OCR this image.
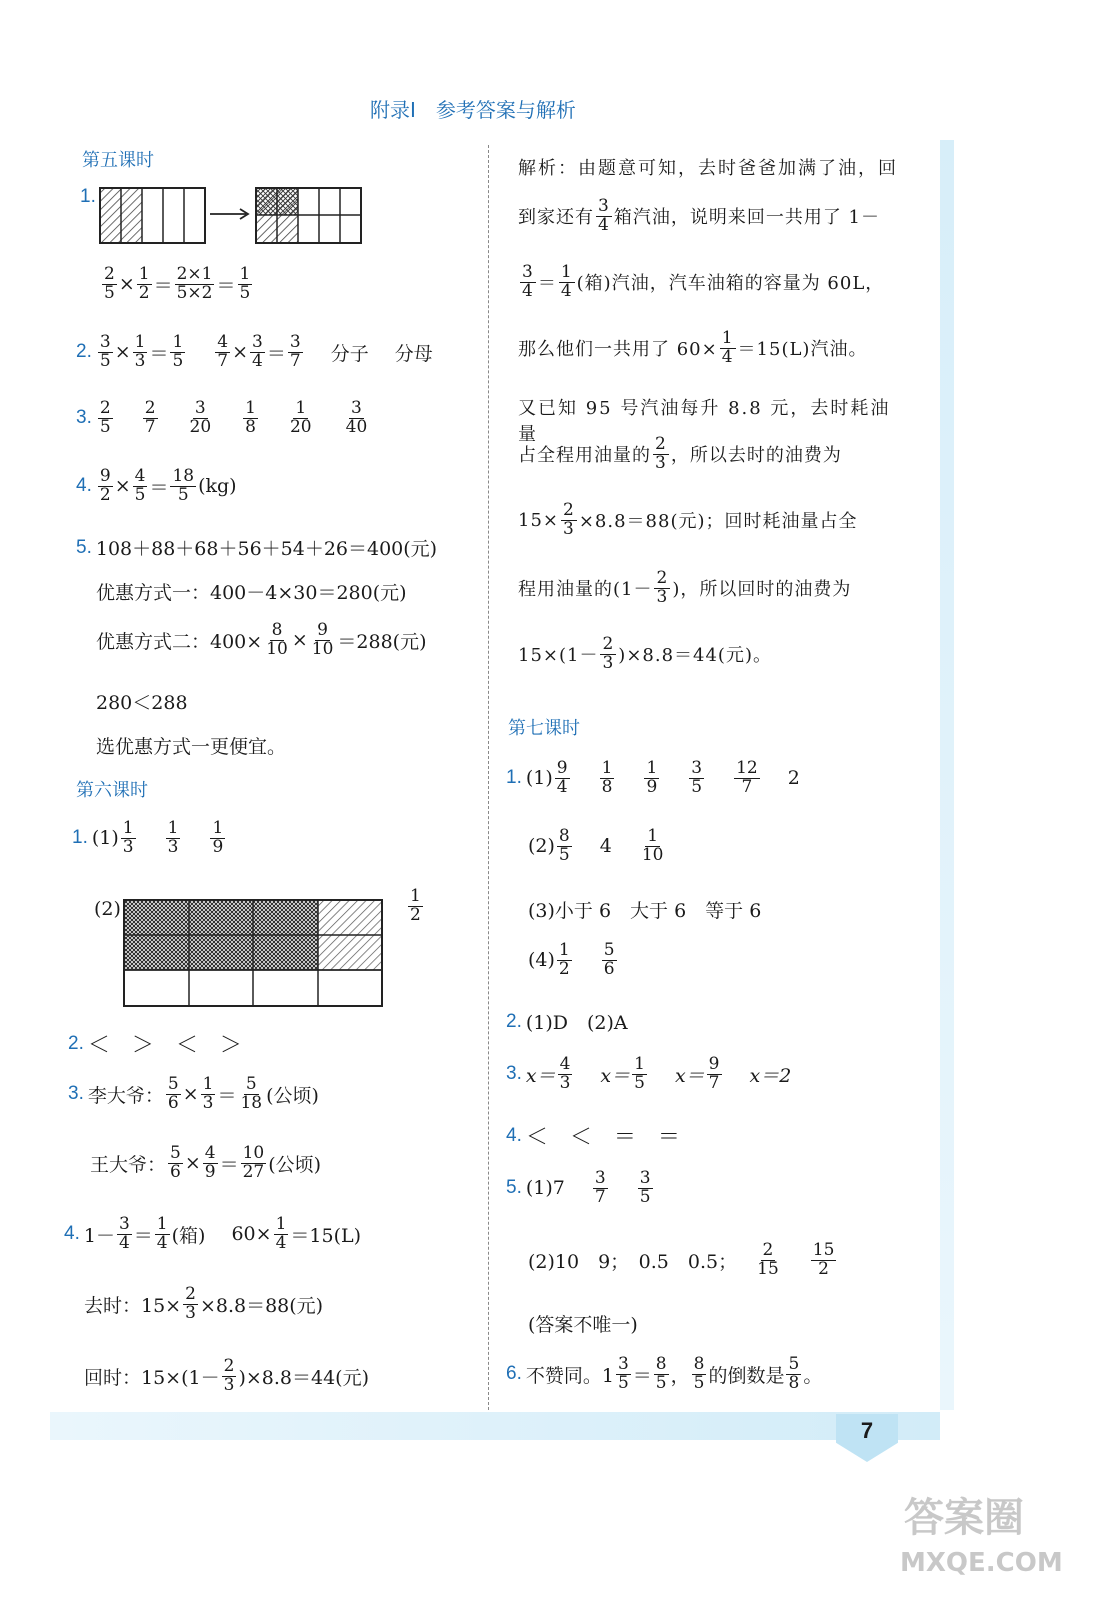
附录Ⅰ　参考答案与解析
第五课时
1.
$\frac{2}{5} \times \frac{1}{2} = \frac{2\times 1}{5\times 2} = \frac{1}{5}$
2. $\frac{3}{5} \times \frac{1}{3} = \frac{1}{5} \frac{4}{7} \times \frac{3}{4} = \frac{3}{7}$ 分子 分母
3. $\frac{2}{5} \frac{2}{7} \frac{3}{20} \frac{1}{8} \frac{1}{20} \frac{3}{40}$
4. $\frac{9}{2} \times \frac{4}{5} = \frac{18}{5} (kg)$
5. 108＋88＋68＋56＋54＋26＝400(元)
优惠方式一：400－4×30＝280(元)
优惠方式二：$400\times \frac{8}{10} \times \frac{9}{10} =288$(元)
280＜288
选优惠方式一更便宜。
第六课时
1. $(1) \frac{1}{3} \frac{1}{3} \frac{1}{9}$
(2)	$\frac{1}{2}$
2. ＜　＞　＜　＞
3. 李大爷： $\frac{5}{6} \times \frac{1}{3} = \frac{5}{18}$ (公顷)
王大爷： $\frac{5}{6} \times \frac{4}{9} = \frac{10}{27}$ (公顷)
4. $1- \frac{3}{4} = \frac{1}{4}$ (箱) $60\times \frac{1}{4} =15(L)$
去时：$15\times \frac{2}{3} \times 8.8=88$(元)
回时：$15\times(1- \frac{2}{3} )\times 8.8=44$(元)
解析：由题意可知，去时爸爸加满了油，回
到家还有 $\frac{3}{4}$ 箱汽油，说明来回一共用了 1－
$\frac{3}{4} = \frac{1}{4}$ (箱)汽油，汽车油箱的容量为 60L，
那么他们一共用了 $60\times \frac{1}{4} =15(L)$汽油。
又已知 95 号汽油每升 8.8 元，去时耗油量
占全程用油量的 $\frac{2}{3}$ ，所以去时的油费为
$15\times \frac{2}{3} \times 8.8=88$(元)；回时耗油量占全
程用油量的($1- \frac{2}{3}$ )，所以回时的油费为
$15\times(1- \frac{2}{3} )\times 8.8=44$(元)。
第七课时
1. $(1) \frac{9}{4} \frac{1}{8} \frac{1}{9} \frac{3}{5} \frac{12}{7} 2$
$(2) \frac{8}{5} 4 \frac{1}{10}$
(3)小于 6　大于 6　等于 6
$(4) \frac{1}{2} \frac{5}{6}$
2. (1)D　(2)A
3. $x= \frac{4}{3} x= \frac{1}{5} x= \frac{9}{7} x=2$
4. ＜　＜　＝　＝
5. $(1)7 \frac{3}{7} \frac{3}{5}$
(2)10　9；　0.5　0.5； $\frac{2}{15} \frac{15}{2}$
(答案不唯一)
6. 不赞同。$1 \frac{3}{5} = \frac{8}{5}$ ， $\frac{8}{5}$ 的倒数是 $\frac{5}{8}$ 。
7
答案圈
MXQE.COM
